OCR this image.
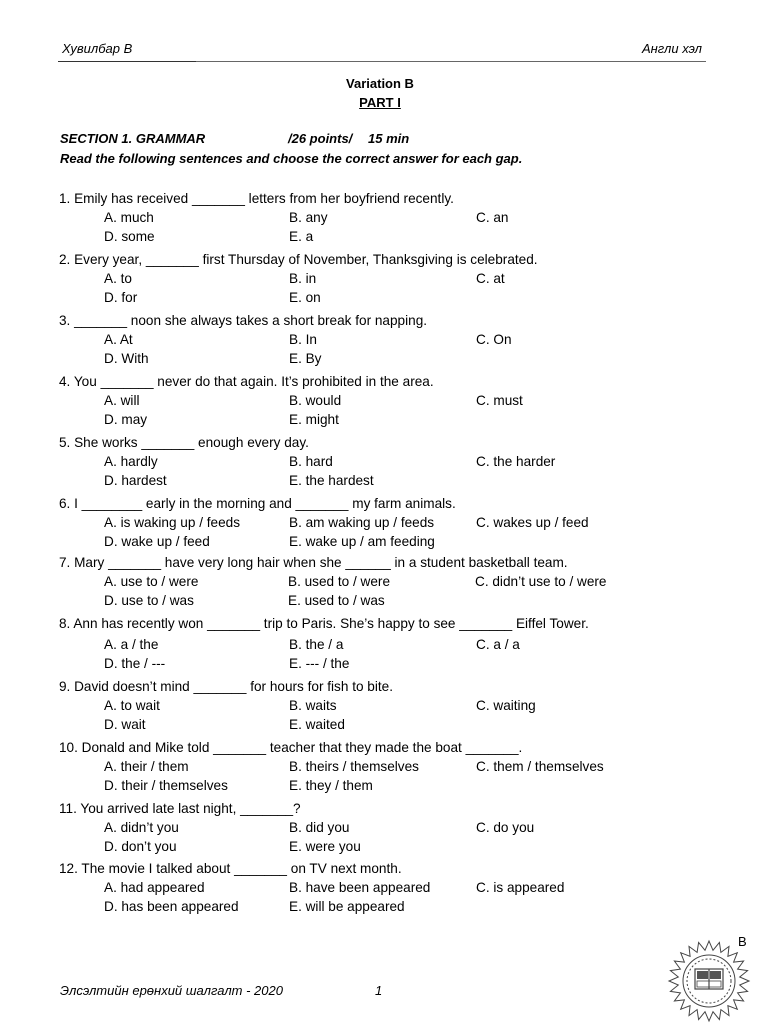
Хувилбар В	Англи хэл
Variation B
PART I
SECTION 1. GRAMMAR	/26 points/ 15 min
Read the following sentences and choose the correct answer for each gap.
1. Emily has received _______ letters from her boyfriend recently.
A. much	B. any	C. an
D. some	E. a
2. Every year, _______ first Thursday of November, Thanksgiving is celebrated.
A. to	B. in	C. at
D. for	E. on
3. _______ noon she always takes a short break for napping.
A. At	B. In	C. On
D. With	E. By
4. You _______ never do that again. It’s prohibited in the area.
A. will	B. would	C. must
D. may	E. might
5. She works _______ enough every day.
A. hardly	B. hard	C. the harder
D. hardest	E. the hardest
6. I ________ early in the morning and _______ my farm animals.
A. is waking up / feeds	B. am waking up / feeds	C. wakes up / feed
D. wake up / feed	E. wake up / am feeding
7. Mary _______ have very long hair when she ______ in a student basketball team.
A. use to / were	B. used to / were	C. didn’t use to / were
D. use to / was	E. used to / was
8. Ann has recently won _______ trip to Paris. She’s happy to see _______ Eiffel Tower.
A. a / the	B. the / a	C. a / a
D. the / ---	E. --- / the
9. David doesn’t mind _______ for hours for fish to bite.
A. to wait	B. waits	C. waiting
D. wait	E. waited
10. Donald and Mike told _______ teacher that they made the boat _______.
A. their / them	B. theirs / themselves	C. them / themselves
D. their / themselves	E. they / them
11. You arrived late last night, _______?
A. didn’t you	B. did you	C. do you
D. don’t you	E. were you
12. The movie I talked about _______ on TV next month.
A. had appeared	B. have been appeared	C. is appeared
D. has been appeared	E. will be appeared
Элсэлтийн ерөнхий шалгалт - 2020	1
B
